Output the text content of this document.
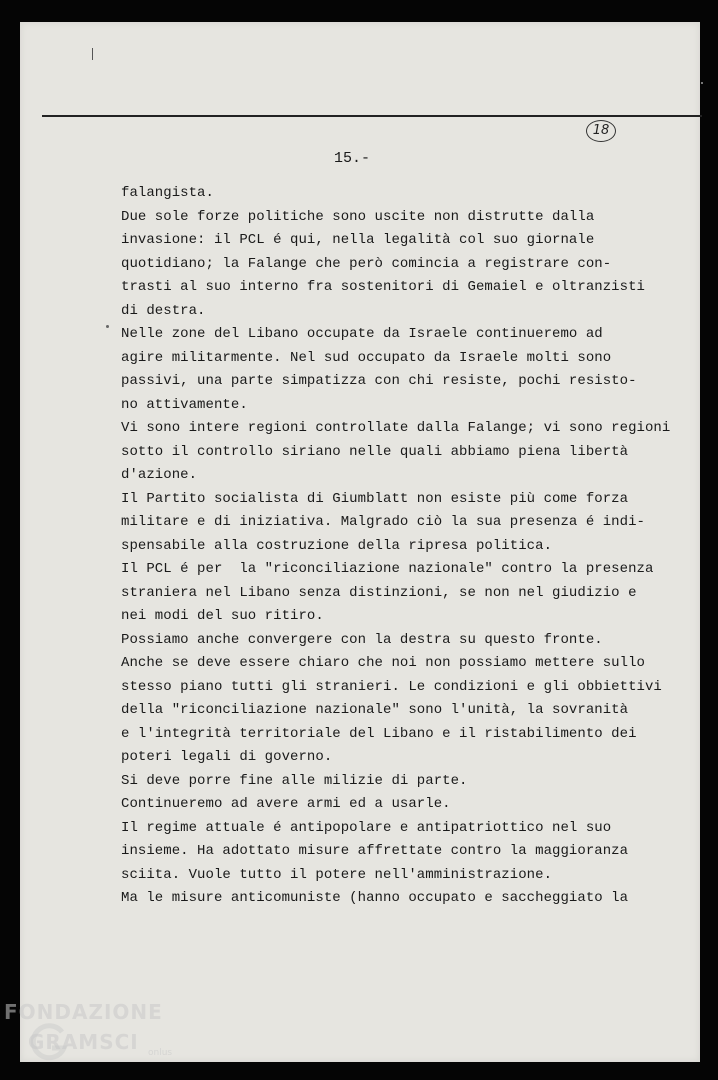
18
15.-
falangista.
Due sole forze politiche sono uscite non distrutte dalla
invasione: il PCL é qui, nella legalità col suo giornale
quotidiano; la Falange che però comincia a registrare con-
trasti al suo interno fra sostenitori di Gemaiel e oltranzisti
di destra.
Nelle zone del Libano occupate da Israele continueremo ad
agire militarmente. Nel sud occupato da Israele molti sono
passivi, una parte simpatizza con chi resiste, pochi resisto-
no attivamente.
Vi sono intere regioni controllate dalla Falange; vi sono regioni
sotto il controllo siriano nelle quali abbiamo piena libertà
d'azione.
Il Partito socialista di Giumblatt non esiste più come forza
militare e di iniziativa. Malgrado ciò la sua presenza é indi-
spensabile alla costruzione della ripresa politica.
Il PCL é per  la "riconciliazione nazionale" contro la presenza
straniera nel Libano senza distinzioni, se non nel giudizio e
nei modi del suo ritiro.
Possiamo anche convergere con la destra su questo fronte.
Anche se deve essere chiaro che noi non possiamo mettere sullo
stesso piano tutti gli stranieri. Le condizioni e gli obbiettivi
della "riconciliazione nazionale" sono l'unità, la sovranità
e l'integrità territoriale del Libano e il ristabilimento dei
poteri legali di governo.
Si deve porre fine alle milizie di parte.
Continueremo ad avere armi ed a usarle.
Il regime attuale é antipopolare e antipatriottico nel suo
insieme. Ha adottato misure affrettate contro la maggioranza
sciita. Vuole tutto il potere nell'amministrazione.
Ma le misure anticomuniste (hanno occupato e saccheggiato la
FONDAZIONE
GRAMSCI onlus
